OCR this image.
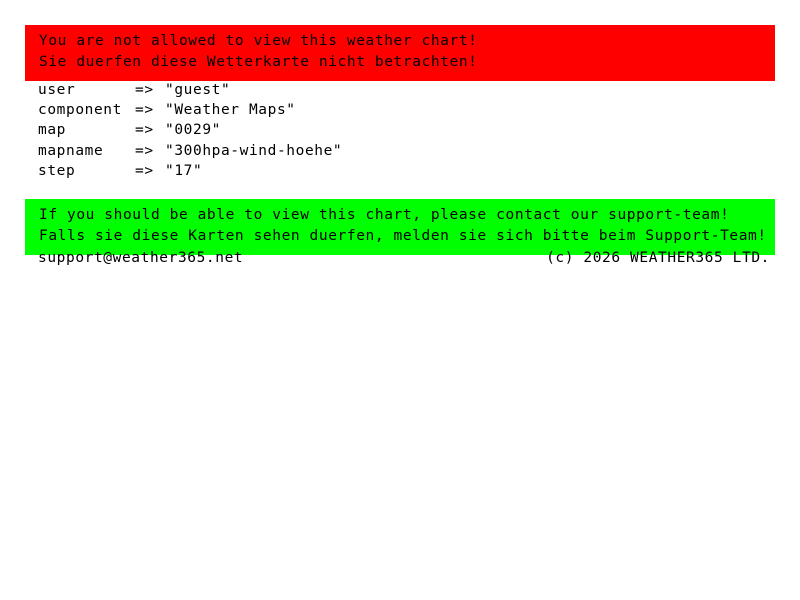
You are not allowed to view this weather chart!
Sie duerfen diese Wetterkarte nicht betrachten!
user	=> "guest"
component => "Weather Maps"
map	=> "0029"
mapname	=> "300hpa-wind-hoehe"
step	=> "17"
If you should be able to view this chart, please contact our support-team!
Falls sie diese Karten sehen duerfen, melden sie sich bitte beim Support-Team!
support@weather365.net	(c) 2026 WEATHER365 LTD.
